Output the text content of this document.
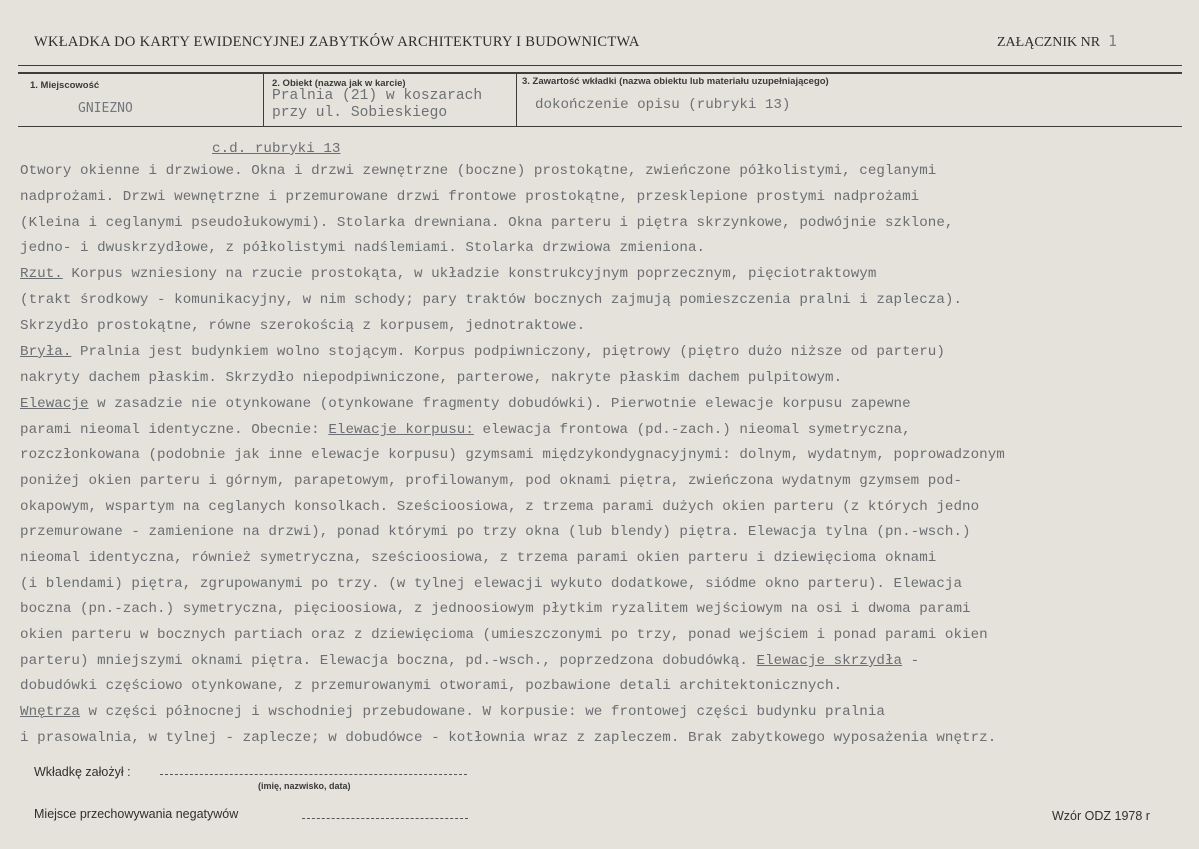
WKŁADKA DO KARTY EWIDENCYJNEJ ZABYTKÓW ARCHITEKTURY I BUDOWNICTWA	ZAŁĄCZNIK NR 1
1. Miejscowość
GNIEZNO
2. Obiekt (nazwa jak w karcie)
Pralnia (21) w koszarach
przy ul. Sobieskiego
3. Zawartość wkładki (nazwa obiektu lub materiału uzupełniającego)
dokończenie opisu (rubryki 13)
c.d. rubryki 13
Otwory okienne i drzwiowe. Okna i drzwi zewnętrzne (boczne) prostokątne, zwieńczone półkolistymi, ceglanymi
nadprożami. Drzwi wewnętrzne i przemurowane drzwi frontowe prostokątne, przesklepione prostymi nadprożami
(Kleina i ceglanymi pseudołukowymi). Stolarka drewniana. Okna parteru i piętra skrzynkowe, podwójnie szklone,
jedno- i dwuskrzydłowe, z półkolistymi nadślemiami. Stolarka drzwiowa zmieniona.
Rzut. Korpus wzniesiony na rzucie prostokąta, w układzie konstrukcyjnym poprzecznym, pięciotraktowym
(trakt środkowy - komunikacyjny, w nim schody; pary traktów bocznych zajmują pomieszczenia pralni i zaplecza).
Skrzydło prostokątne, równe szerokością z korpusem, jednotraktowe.
Bryła. Pralnia jest budynkiem wolno stojącym. Korpus podpiwniczony, piętrowy (piętro dużo niższe od parteru)
nakryty dachem płaskim. Skrzydło niepodpiwniczone, parterowe, nakryte płaskim dachem pulpitowym.
Elewacje w zasadzie nie otynkowane (otynkowane fragmenty dobudówki). Pierwotnie elewacje korpusu zapewne
parami nieomal identyczne. Obecnie: Elewacje korpusu: elewacja frontowa (pd.-zach.) nieomal symetryczna,
rozczłonkowana (podobnie jak inne elewacje korpusu) gzymsami międzykondygnacyjnymi: dolnym, wydatnym, poprowadzonym
poniżej okien parteru i górnym, parapetowym, profilowanym, pod oknami piętra, zwieńczona wydatnym gzymsem pod-
okapowym, wspartym na ceglanych konsolkach. Sześcioosiowa, z trzema parami dużych okien parteru (z których jedno
przemurowane - zamienione na drzwi), ponad którymi po trzy okna (lub blendy) piętra. Elewacja tylna (pn.-wsch.)
nieomal identyczna, również symetryczna, sześcioosiowa, z trzema parami okien parteru i dziewięcioma oknami
(i blendami) piętra, zgrupowanymi po trzy. (w tylnej elewacji wykuto dodatkowe, siódme okno parteru). Elewacja
boczna (pn.-zach.) symetryczna, pięcioosiowa, z jednoosiowym płytkim ryzalitem wejściowym na osi i dwoma parami
okien parteru w bocznych partiach oraz z dziewięcioma (umieszczonymi po trzy, ponad wejściem i ponad parami okien
parteru) mniejszymi oknami piętra. Elewacja boczna, pd.-wsch., poprzedzona dobudówką. Elewacje skrzydła -
dobudówki częściowo otynkowane, z przemurowanymi otworami, pozbawione detali architektonicznych.
Wnętrza w części północnej i wschodniej przebudowane. W korpusie: we frontowej części budynku pralnia
i prasowalnia, w tylnej - zaplecze; w dobudówce - kotłownia wraz z zapleczem. Brak zabytkowego wyposażenia wnętrz.
Wkładkę założył :
(imię, nazwisko, data)
Miejsce przechowywania negatywów	Wzór ODZ 1978 r
